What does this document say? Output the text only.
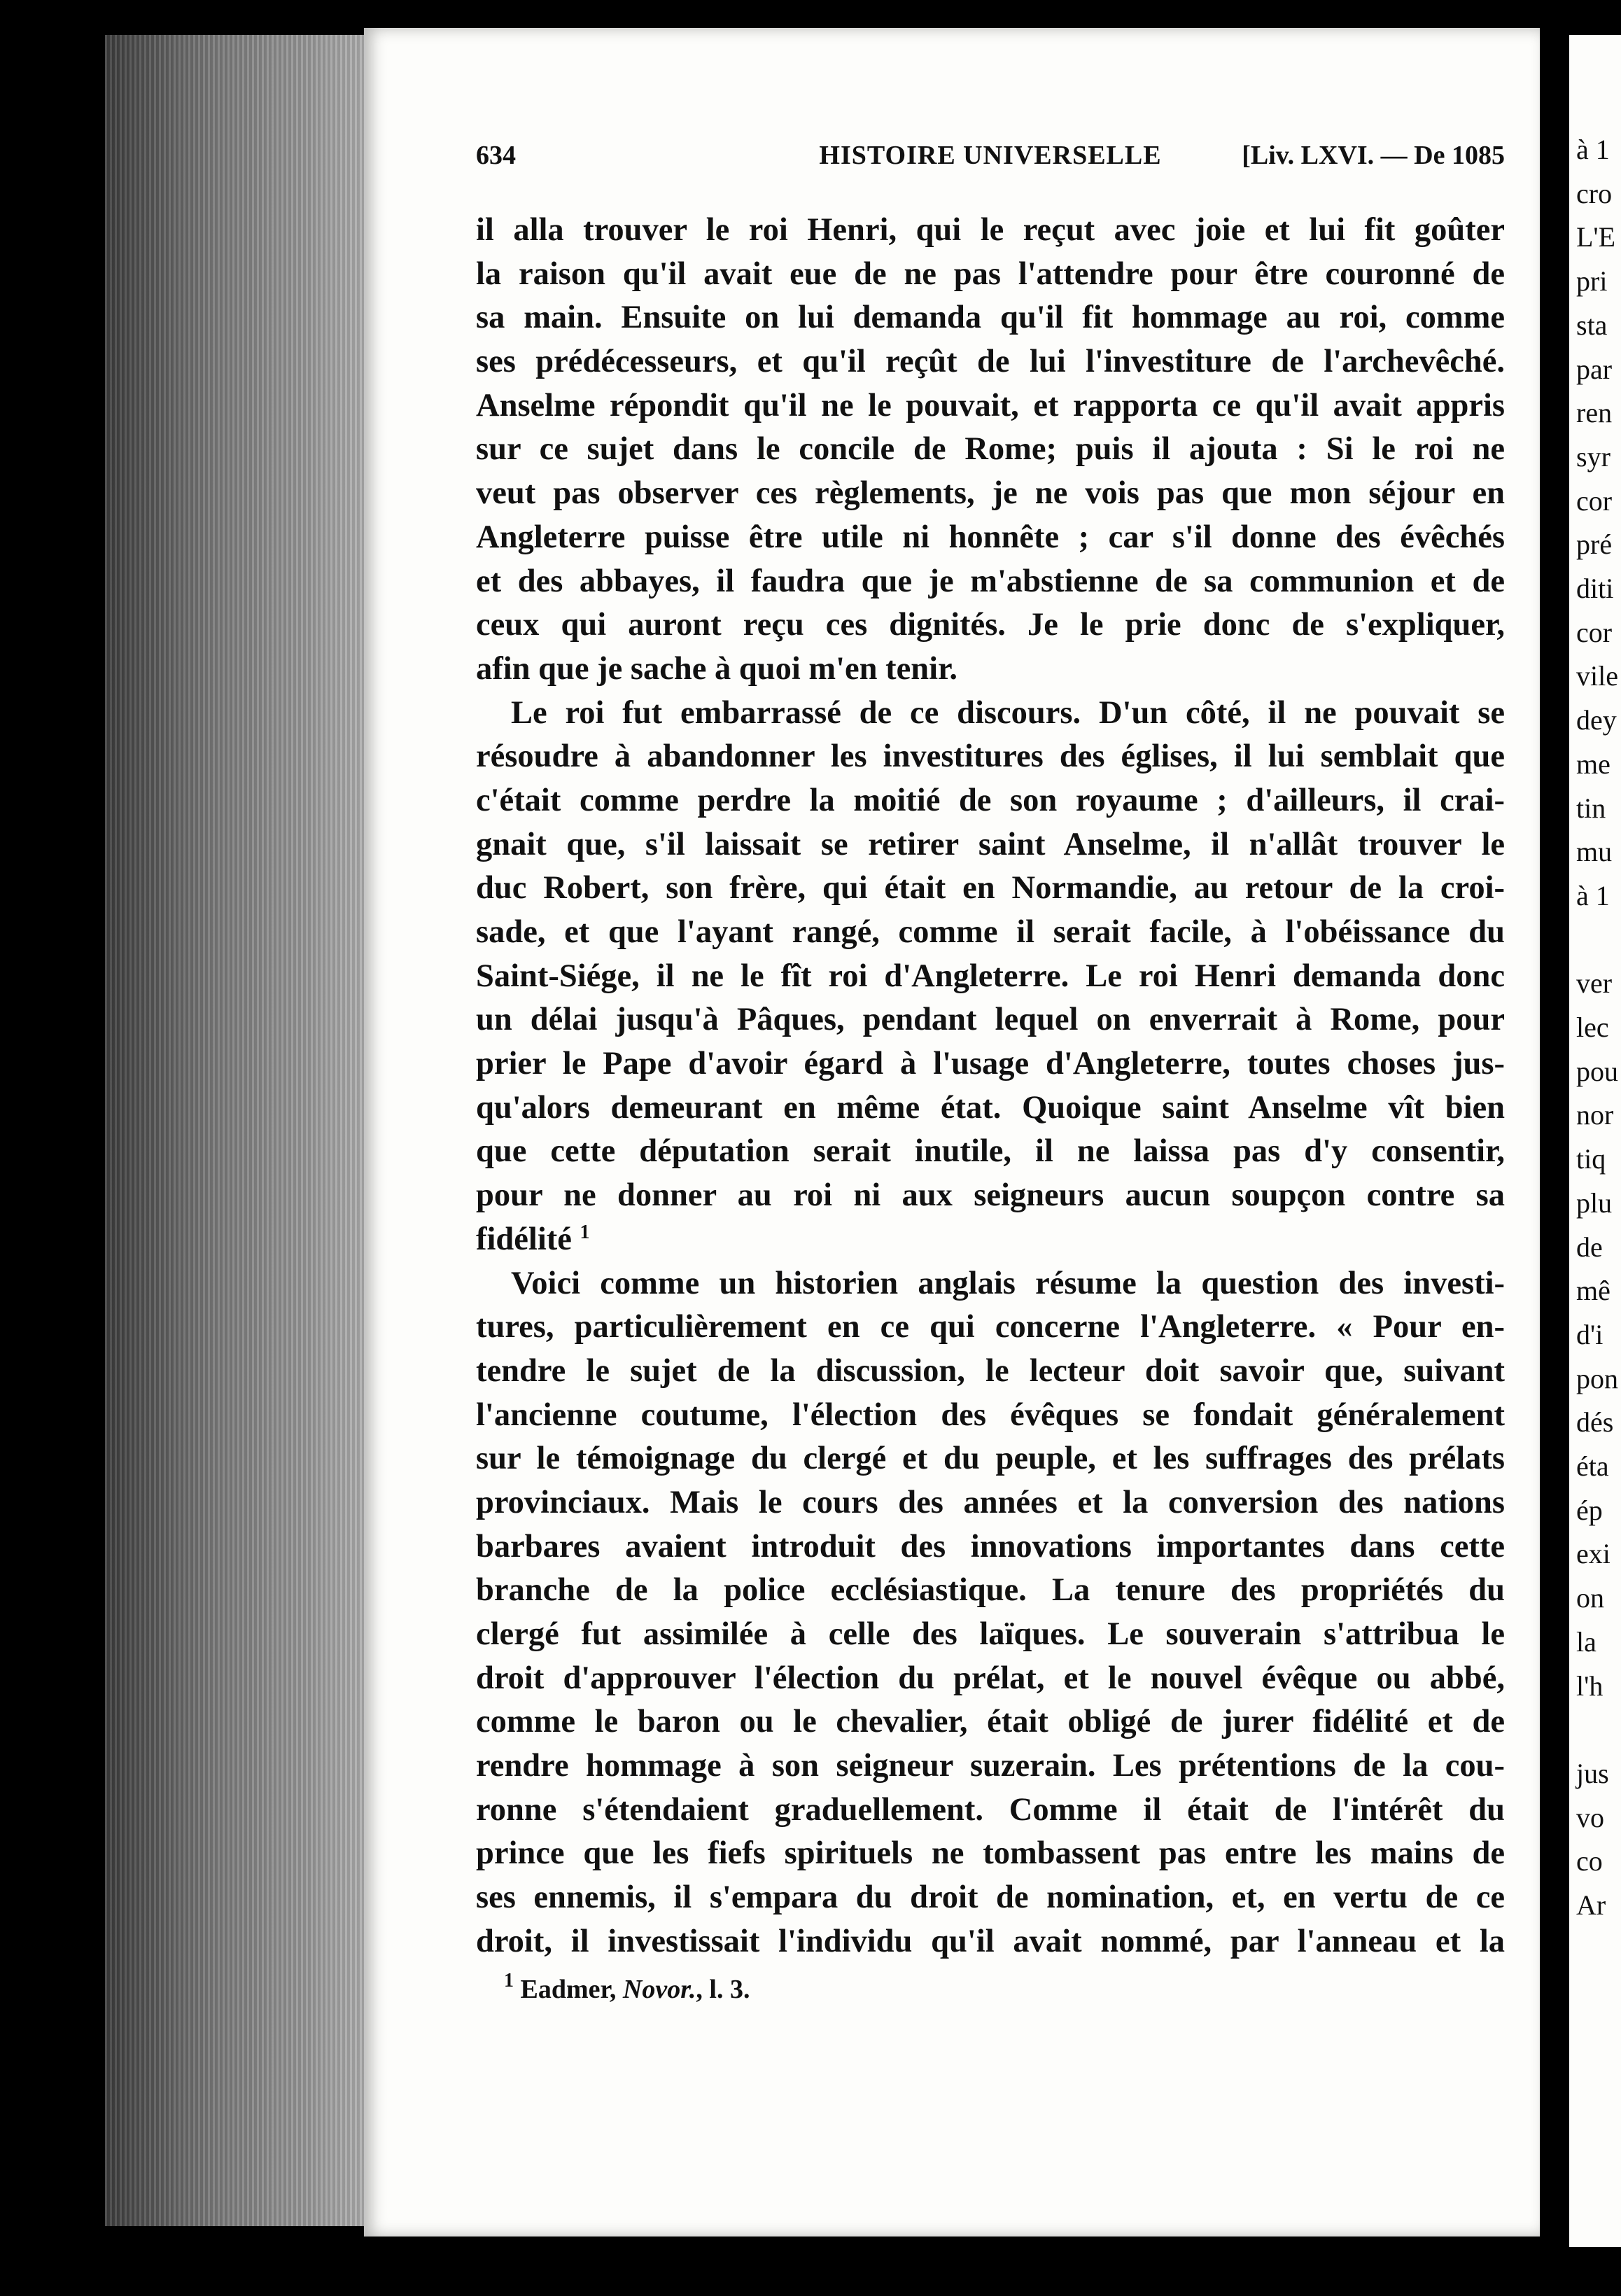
à 1
cro
L'E
pri
sta
par
ren
syr
cor
pré
diti
cor
vile
dey
me
tin
mu
à 1
ver
lec
pou
nor
tiq
plu
de
mê
d'i
pon
dés
éta
ép
exi
on
la
l'h
jus
vo
co
Ar
634	HISTOIRE UNIVERSELLE	[Liv. LXVI. — De 1085
il alla trouver le roi Henri, qui le reçut avec joie et lui fit goûter
la raison qu'il avait eue de ne pas l'attendre pour être couronné de
sa main. Ensuite on lui demanda qu'il fit hommage au roi, comme
ses prédécesseurs, et qu'il reçût de lui l'investiture de l'archevêché.
Anselme répondit qu'il ne le pouvait, et rapporta ce qu'il avait appris
sur ce sujet dans le concile de Rome; puis il ajouta : Si le roi ne
veut pas observer ces règlements, je ne vois pas que mon séjour en
Angleterre puisse être utile ni honnête ; car s'il donne des évêchés
et des abbayes, il faudra que je m'abstienne de sa communion et de
ceux qui auront reçu ces dignités. Je le prie donc de s'expliquer,
afin que je sache à quoi m'en tenir.
Le roi fut embarrassé de ce discours. D'un côté, il ne pouvait se
résoudre à abandonner les investitures des églises, il lui semblait que
c'était comme perdre la moitié de son royaume ; d'ailleurs, il crai-
gnait que, s'il laissait se retirer saint Anselme, il n'allât trouver le
duc Robert, son frère, qui était en Normandie, au retour de la croi-
sade, et que l'ayant rangé, comme il serait facile, à l'obéissance du
Saint-Siége, il ne le fît roi d'Angleterre. Le roi Henri demanda donc
un délai jusqu'à Pâques, pendant lequel on enverrait à Rome, pour
prier le Pape d'avoir égard à l'usage d'Angleterre, toutes choses jus-
qu'alors demeurant en même état. Quoique saint Anselme vît bien
que cette députation serait inutile, il ne laissa pas d'y consentir,
pour ne donner au roi ni aux seigneurs aucun soupçon contre sa
fidélité $^1$
Voici comme un historien anglais résume la question des investi-
tures, particulièrement en ce qui concerne l'Angleterre. « Pour en-
tendre le sujet de la discussion, le lecteur doit savoir que, suivant
l'ancienne coutume, l'élection des évêques se fondait généralement
sur le témoignage du clergé et du peuple, et les suffrages des prélats
provinciaux. Mais le cours des années et la conversion des nations
barbares avaient introduit des innovations importantes dans cette
branche de la police ecclésiastique. La tenure des propriétés du
clergé fut assimilée à celle des laïques. Le souverain s'attribua le
droit d'approuver l'élection du prélat, et le nouvel évêque ou abbé,
comme le baron ou le chevalier, était obligé de jurer fidélité et de
rendre hommage à son seigneur suzerain. Les prétentions de la cou-
ronne s'étendaient graduellement. Comme il était de l'intérêt du
prince que les fiefs spirituels ne tombassent pas entre les mains de
ses ennemis, il s'empara du droit de nomination, et, en vertu de ce
droit, il investissait l'individu qu'il avait nommé, par l'anneau et la
$^1$ Eadmer, Novor., l. 3.
